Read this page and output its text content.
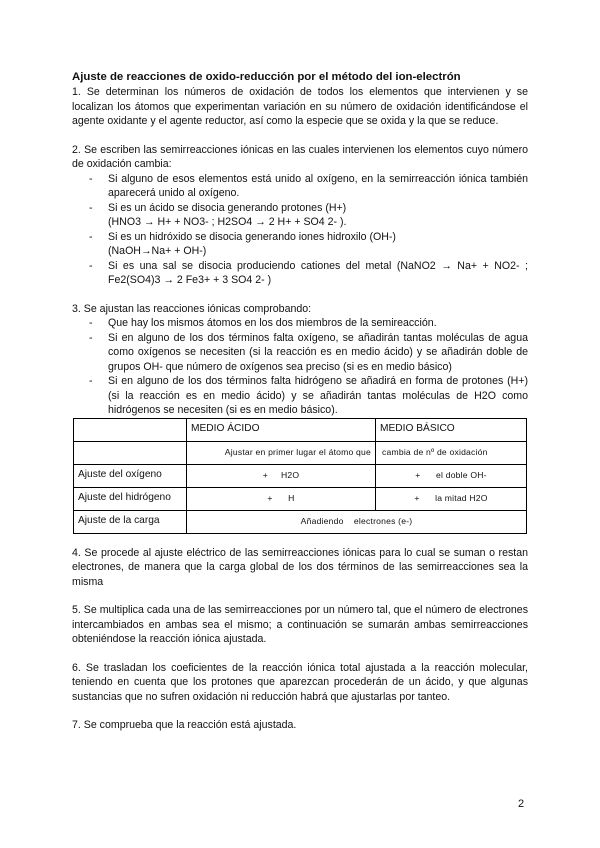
Ajuste de reacciones de oxido-reducción por el método del ion-electrón

1. Se determinan los números de oxidación de todos los elementos que intervienen y se localizan los átomos que experimentan variación en su número de oxidación identificándose el agente oxidante y el agente reductor, así como la especie que se oxida y la que se reduce.

2. Se escriben las semirreacciones iónicas en las cuales intervienen los elementos cuyo número de oxidación cambia:

- Si alguno de esos elementos está unido al oxígeno, en la semirreacción iónica también aparecerá unido al oxígeno.
- Si es un ácido se disocia generando protones (H+)
(HNO3 → H+ + NO3- ; H2SO4 → 2 H+ + SO4 2- ).
- Si es un hidróxido se disocia generando iones hidroxilo (OH-)
(NaOH→Na+ + OH-)
- Si es una sal se disocia produciendo cationes del metal (NaNO2 → Na+ + NO2- ; Fe2(SO4)3 → 2 Fe3+ + 3 SO4 2- )

3. Se ajustan las reacciones iónicas comprobando:

- Que hay los mismos átomos en los dos miembros de la semireacción.
- Si en alguno de los dos términos falta oxígeno, se añadirán tantas moléculas de agua como oxígenos se necesiten (si la reacción es en medio ácido) y se añadirán doble de grupos OH- que número de oxígenos sea preciso (si es en medio básico)
- Si en alguno de los dos términos falta hidrógeno se añadirá en forma de protones (H+) (si la reacción es en medio ácido) y se añadirán tantas moléculas de H2O como hidrógenos se necesiten (si es en medio básico).
	MEDIO ÁCIDO	MEDIO BÁSICO
	Ajustar en primer lugar el átomo que	cambia de nº de oxidación
Ajuste del oxígeno	+     H2O	+      el doble OH-
Ajuste del hidrógeno	+      H	+      la mitad H2O
Ajuste de la carga	Añadiendo    electrones (e-)	

4. Se procede al ajuste eléctrico de las semirreacciones iónicas para lo cual se suman o restan electrones, de manera que la carga global de los dos términos de las semirreacciones sea la misma

5. Se multiplica cada una de las semirreacciones por un número tal, que el número de electrones intercambiados en ambas sea el mismo; a continuación se sumarán ambas semirreacciones obteniéndose la reacción iónica ajustada.

6. Se trasladan los coeficientes de la reacción iónica total ajustada a la reacción molecular, teniendo en cuenta que los protones que aparezcan procederán de un ácido, y que algunas sustancias que no sufren oxidación ni reducción habrá que ajustarlas por tanteo.

7. Se comprueba que la reacción está ajustada.

2
